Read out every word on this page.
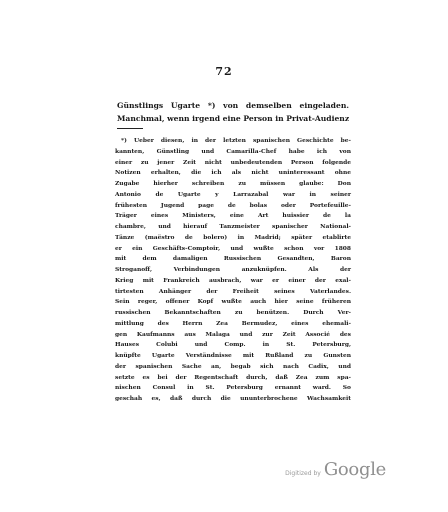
72
Günstlings Ugarte *) von demselben eingeladen.
Manchmal, wenn irgend eine Person in Privat-Audienz
*) Ueber diesen, in der letzten spanischen Geschichte be-
kannten, Günstling und Camarilla-Chef habe ich von
einer zu jener Zeit nicht unbedeutenden Person folgende
Notizen erhalten, die ich als nicht uninteressant ohne
Zugabe hierher schreiben zu müssen glaube: Don
Antonio de Ugarte y Larrazabal war in seiner
frühesten Jugend page de bolas oder Portefeuille-
Träger eines Ministers, eine Art huissier de la
chambre, und hierauf Tanzmeister spanischer National-
Tänze (maëstro de bolero) in Madrid; später etablirte
er ein Geschäfts-Comptoir, und wußte schon vor 1808
mit dem damaligen Russischen Gesandten, Baron
Stroganoff, Verbindungen anzuknüpfen. Als der
Krieg mit Frankreich ausbrach, war er einer der exal-
tirtesten Anhänger der Freiheit seines Vaterlandes.
Sein reger, offener Kopf wußte auch hier seine früheren
russischen Bekanntschaften zu benützen. Durch Ver-
mittlung des Herrn Zea Bermudez, eines ehemali-
gen Kaufmanns aus Malaga und zur Zeit Associé des
Hauses Colubi und Comp. in St. Petersburg,
knüpfte Ugarte Verständnisse mit Rußland zu Gunsten
der spanischen Sache an, begab sich nach Cadix, und
setzte es bei der Regentschaft durch, daß Zea zum spa-
nischen Consul in St. Petersburg ernannt ward. So
geschah es, daß durch die ununterbrochene Wachsamkeit
Digitized by Google
